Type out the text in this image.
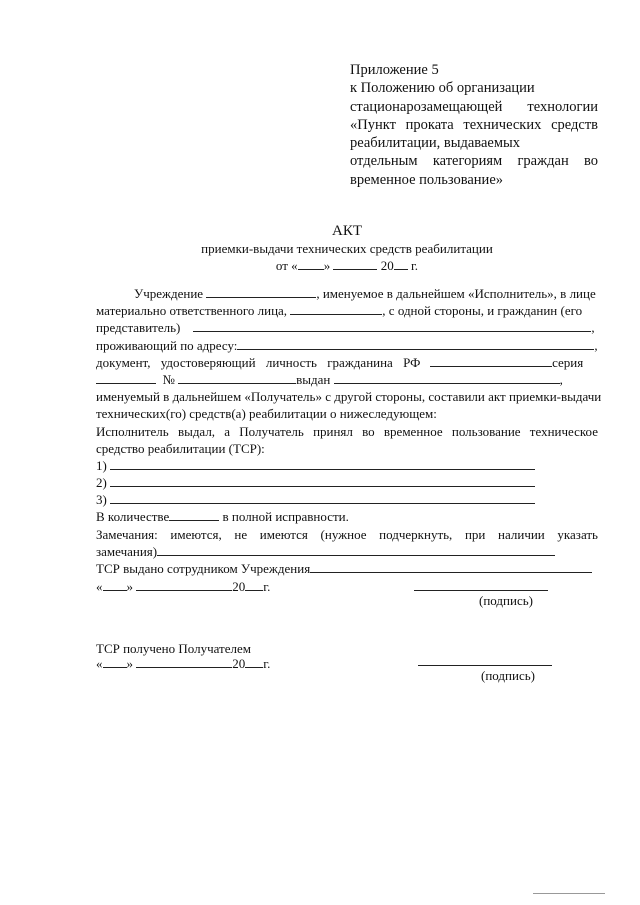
Приложение 5
к Положению об организации
стационарозамещающей технологии
«Пункт проката технических средств
реабилитации, выдаваемых
отдельным категориям граждан во
временное пользование»
АКТ
приемки-выдачи технических средств реабилитации
от « »	20 г.
Учреждение	, именуемое в дальнейшем «Исполнитель», в лице
материально ответственного лица,	, с одной стороны, и гражданин (его
представитель)	,
проживающий по адресу:	,
документ, удостоверяющий личность гражданина РФ	серия
№	выдан	,
именуемый в дальнейшем «Получатель» с другой стороны, составили акт приемки-выдачи
технических(го) средств(а) реабилитации о нижеследующем:
Исполнитель выдал, а Получатель принял во временное пользование техническое
средство реабилитации (ТСР):
1)
2)
3)
В количестве	в полной исправности.
Замечания: имеются, не имеются (нужное подчеркнуть, при наличии указать
замечания)
ТСР выдано сотрудником Учреждения
« »	20 г.
(подпись)
ТСР получено Получателем
« »	20 г.
(подпись)
